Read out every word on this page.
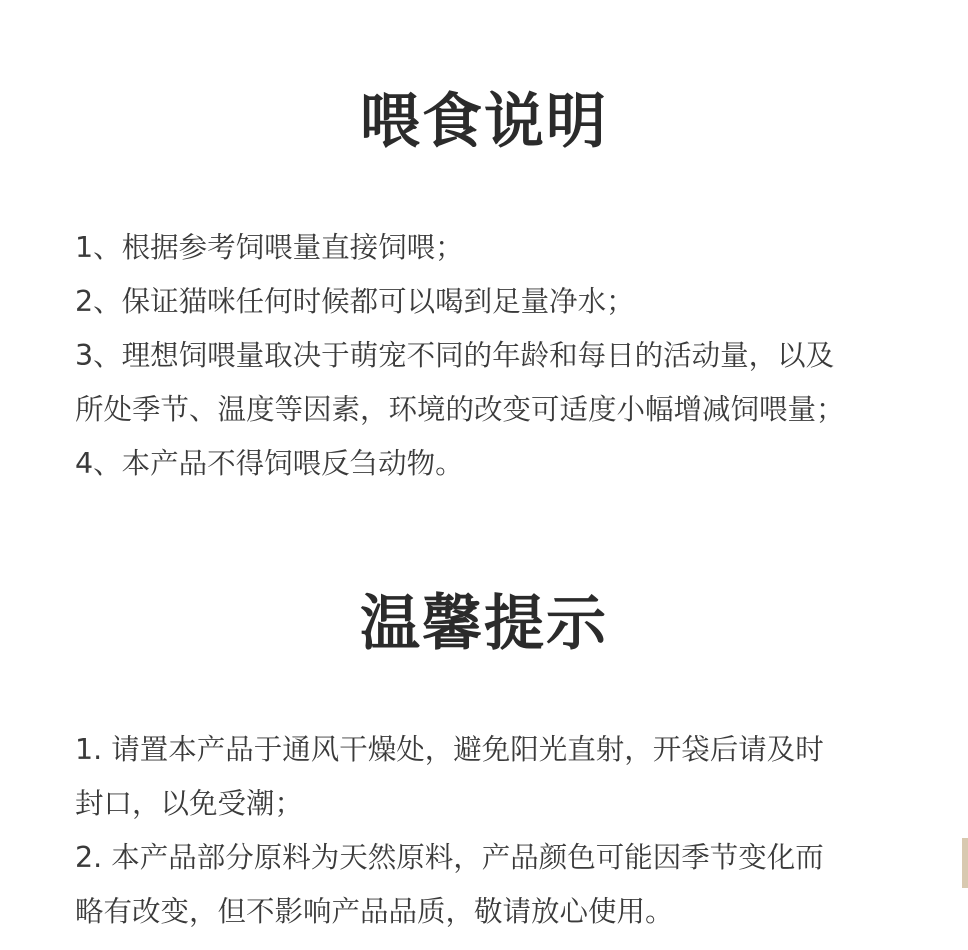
喂食说明
1、根据参考饲喂量直接饲喂；
2、保证猫咪任何时候都可以喝到足量净水；
3、理想饲喂量取决于萌宠不同的年龄和每日的活动量，以及
所处季节、温度等因素，环境的改变可适度小幅增减饲喂量；
4、本产品不得饲喂反刍动物。
温馨提示
1. 请置本产品于通风干燥处，避免阳光直射，开袋后请及时
封口，以免受潮；
2. 本产品部分原料为天然原料，产品颜色可能因季节变化而
略有改变，但不影响产品品质，敬请放心使用。
